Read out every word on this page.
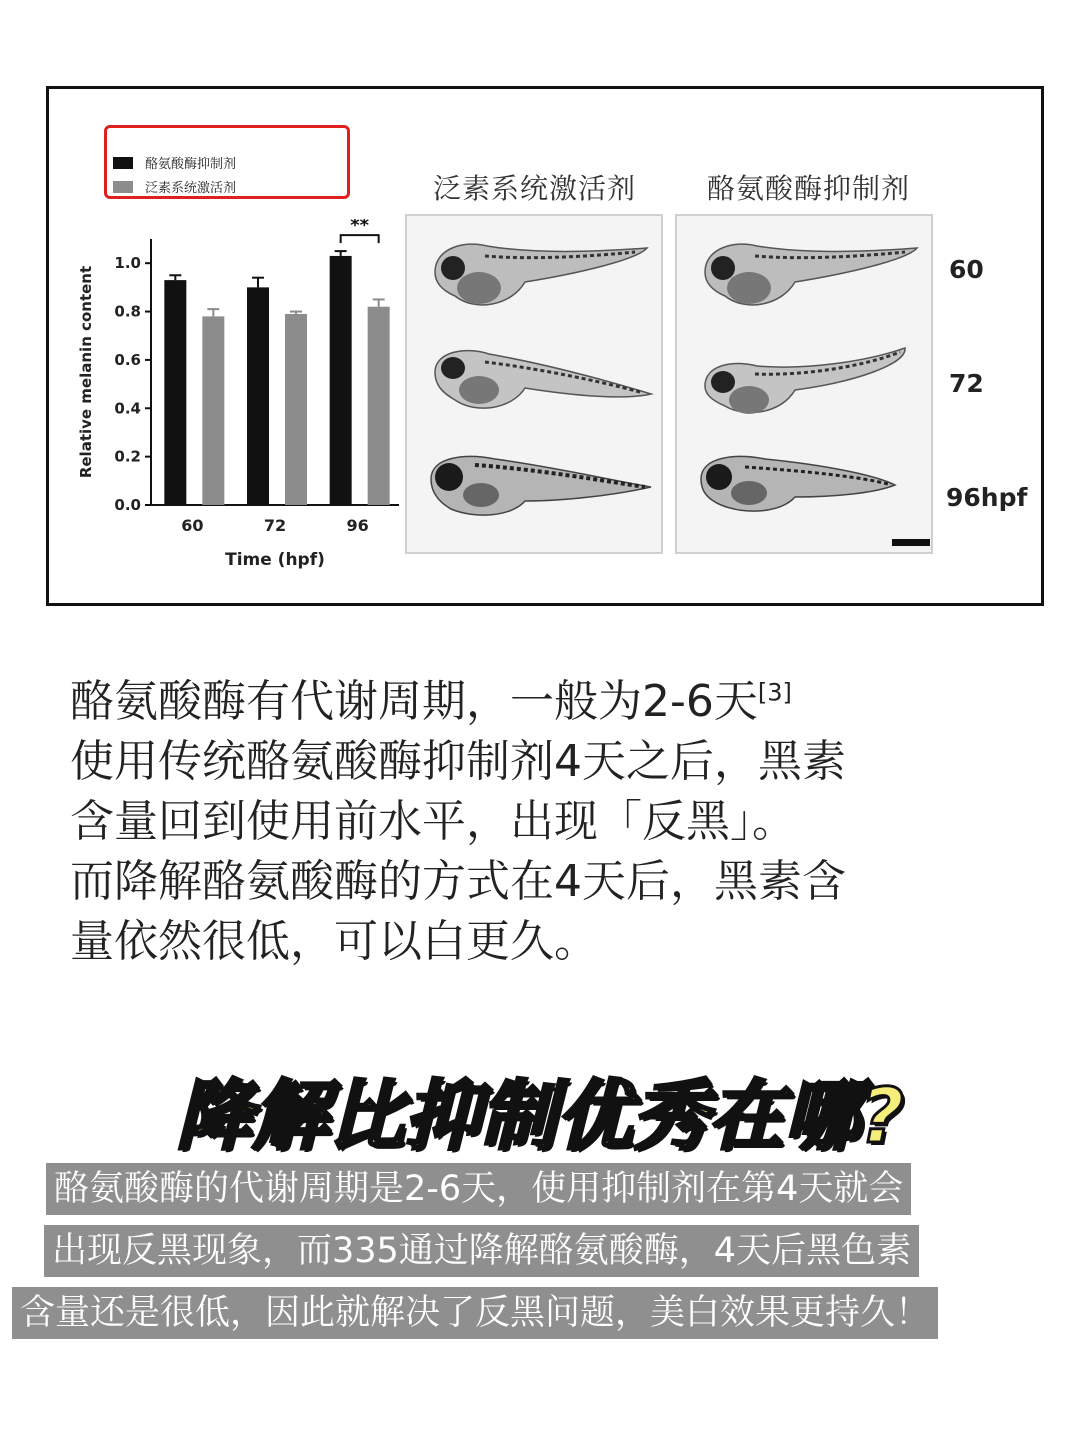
酪氨酸酶抑制剂
泛素系统激活剂
0.0
0.2
0.4
0.6
0.8
1.0
Relative melanin content
60	72	96
Time (hpf)
**
泛素系统激活剂	酪氨酸酶抑制剂
60
72
96hpf
酪氨酸酶有代谢周期，一般为2-6天[3]
使用传统酪氨酸酶抑制剂4天之后，黑素
含量回到使用前水平，出现「反黑」。
而降解酪氨酸酶的方式在4天后，黑素含
量依然很低，可以白更久。
降解比抑制优秀在哪?
酪氨酸酶的代谢周期是2-6天，使用抑制剂在第4天就会
出现反黑现象，而335通过降解酪氨酸酶，4天后黑色素
含量还是很低，因此就解决了反黑问题，美白效果更持久！
